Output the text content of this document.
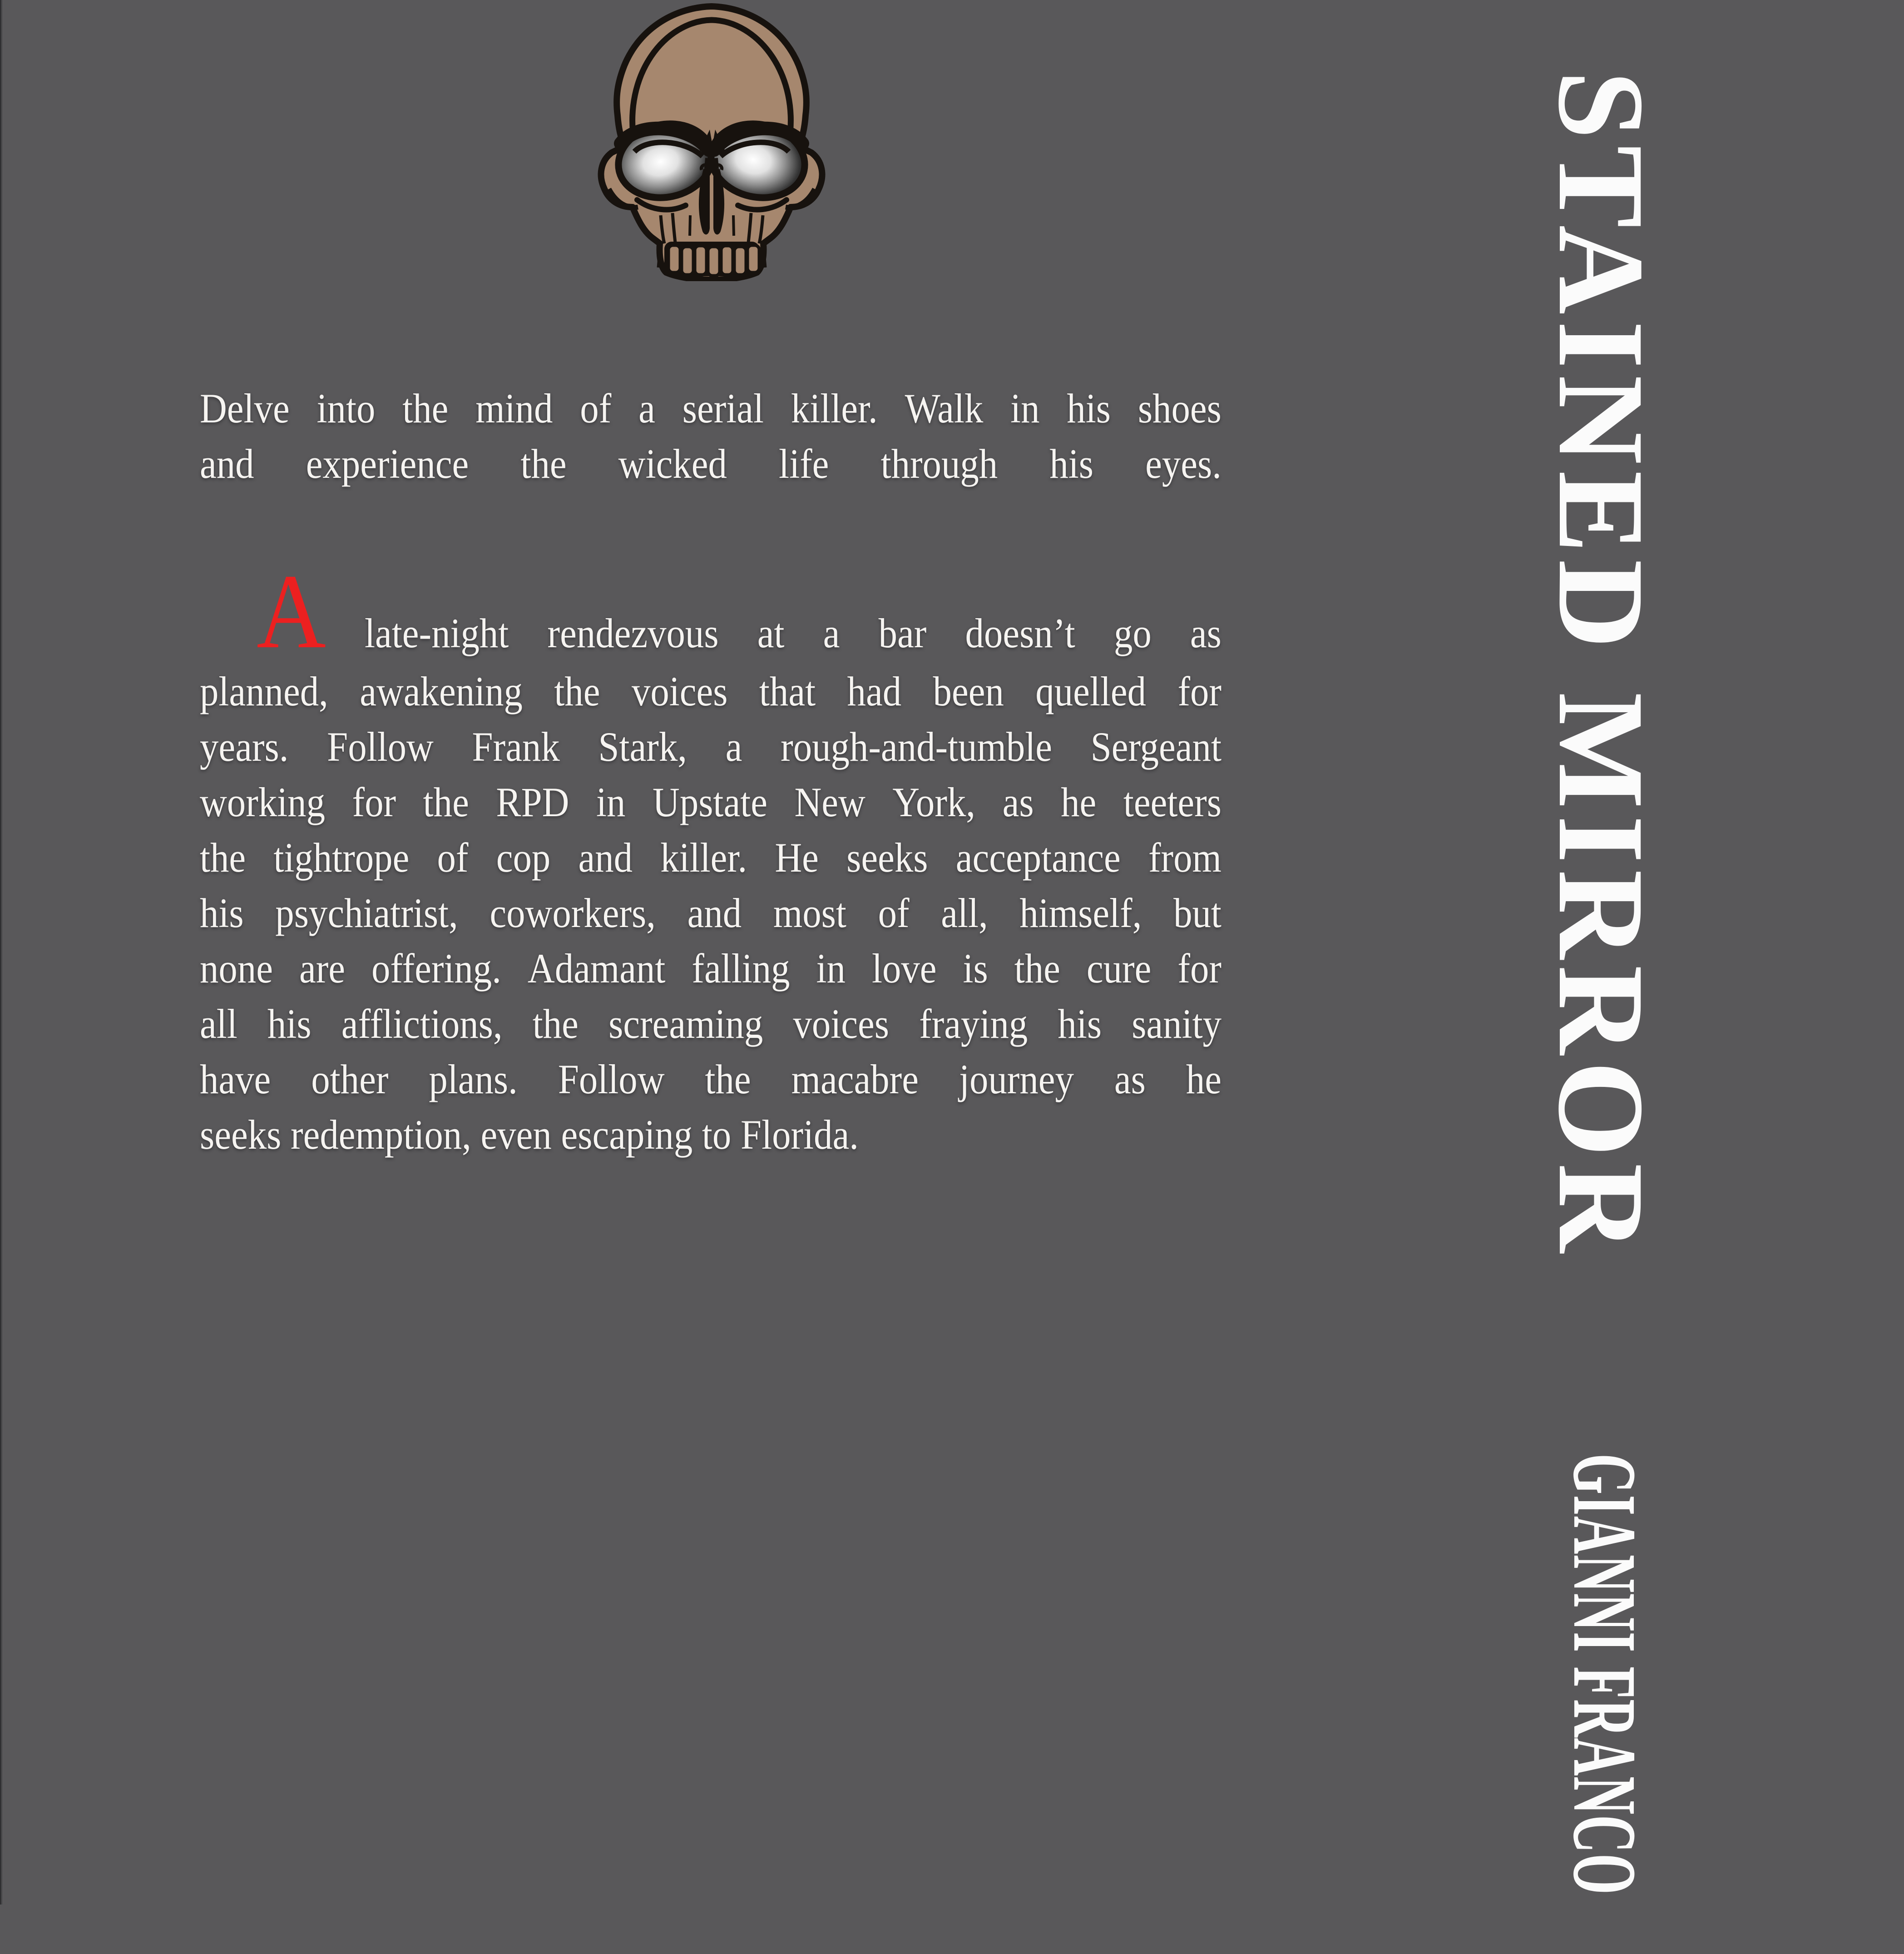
Delve into the mind of a serial killer. Walk in his shoes
and experience the wicked life through his eyes.
A late-night rendezvous at a bar doesn’t go as
planned, awakening the voices that had been quelled for
years. Follow Frank Stark, a rough-and-tumble Sergeant
working for the RPD in Upstate New York, as he teeters
the tightrope of cop and killer. He seeks acceptance from
his psychiatrist, coworkers, and most of all, himself, but
none are offering. Adamant falling in love is the cure for
all his afflictions, the screaming voices fraying his sanity
have other plans. Follow the macabre journey as he
seeks redemption, even escaping to Florida.	STAINED MIRROR
GIANNI FRANCO
